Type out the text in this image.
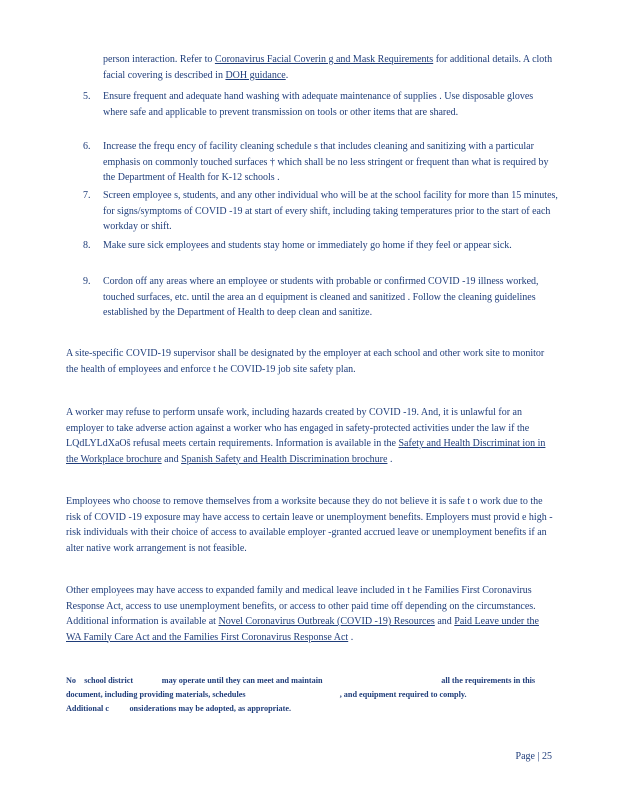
person interaction. Refer to Coronavirus Facial Coverin g and Mask Requirements for additional details. A cloth facial covering is described in DOH guidance.
5. Ensure frequent and adequate hand washing with adequate maintenance of supplies . Use disposable gloves where safe and applicable to prevent transmission on tools or other items that are shared.
6. Increase the frequ ency of facility cleaning schedule s that includes cleaning and sanitizing with a particular emphasis on commonly touched surfaces † which shall be no less stringent or frequent than what is required by the Department of Health for K‑12 schools .
7. Screen employee s, students, and any other individual who will be at the school facility for more than 15 minutes, for signs/symptoms of COVID -19 at start of every shift, including taking temperatures prior to the start of each workday or shift.
8. Make sure sick employees and students stay home or immediately go home if they feel or appear sick.
9. Cordon off any areas where an employee or students with probable or confirmed COVID -19 illness worked, touched surfaces, etc. until the area an d equipment is cleaned and sanitized . Follow the cleaning guidelines established by the Department of Health to deep clean and sanitize.
A site-specific COVID-19 supervisor shall be designated by the employer at each school and other work site to monitor the health of employees and enforce t he COVID-19 job site safety plan.
A worker may refuse to perform unsafe work, including hazards created by COVID -19. And, it is unlawful for an employer to take adverse action against a worker who has engaged in safety-protected activities under the law if the LQdLYLdXaOŝ refusal meets certain requirements. Information is available in the Safety and Health Discriminat ion in the Workplace brochure and Spanish Safety and Health Discrimination brochure .
Employees who choose to remove themselves from a worksite because they do not believe it is safe t o work due to the risk of COVID -19 exposure may have access to certain leave or unemployment benefits. Employers must provid e high -risk individuals with their choice of access to available employer -granted accrued leave or unemployment benefits if an alter native work arrangement is not feasible.
Other employees may have access to expanded family and medical leave included in t he Families First Coronavirus Response Act, access to use unemployment benefits, or access to other paid time off depending on the circumstances. Additional information is available at Novel Coronavirus Outbreak (COVID -19) Resources and Paid Leave under the WA Family Care Act and the Families First Coronavirus Response Act .
No    school district              may operate until they can meet and maintain                                                          all the requirements in this
document, including providing materials, schedules                                              , and equipment required to comply.
Additional c          onsiderations may be adopted, as appropriate.
Page | 25
